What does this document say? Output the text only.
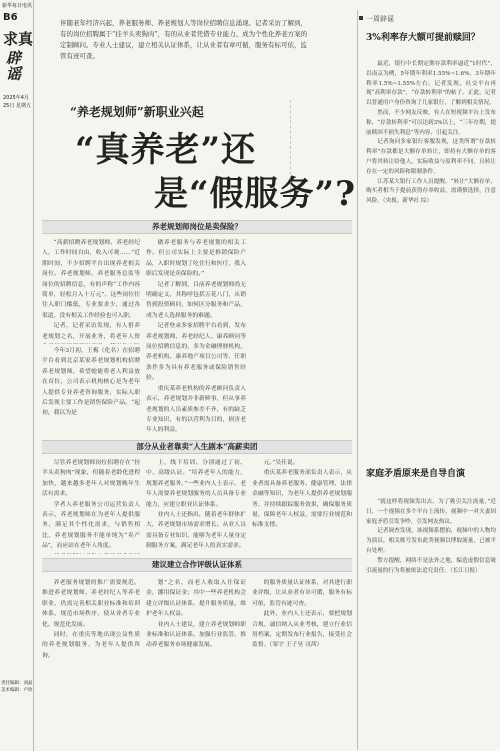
新华每日电讯
B6
求真
辟谣
2025年4月25日 星期五
责任编辑：刘晶 美术编辑：卢欣
伴随老年经济兴起，养老服务师、养老规划人等岗位招聘信息涌现。记者采访了解到，有的岗位招聘属于“挂羊头卖狗肉”，有的从业者凭借专业能力、成为个性化养老方案的定制顾问。专业人士建议，建立相关认证体系，让从业者有章可循，服务有标可依，监管有迹可查。
“养老规划师”新职业兴起
“真养老”还
是“假服务”?
养老规划师岗位是卖保险？

“高薪招聘养老规划师、养老经纪人，工作时间自由，收入可观……”近期时间，不少招聘平台出现养老相关岗位。养老规划师、养老服务总监等岗位的招聘信息，有的声称“工作内容简单，轻松月入十万元”。这些岗位往往入职门槛低，专业要求少，通过各渠道，没有相关工作经验也可入职。

记者，记者采访发现，有人借养老规划之名，开展业务，将老年人资

今年3月初，王梅（化名）在招聘平台看到北京某家养老规划机构招聘养老规划师，希望她能将老人利益放在首位，公司表示机构核心是为老年人提供专业养老咨询服务，实际入职后发现主要工作是销售保险产品。“起初，我以为是

做养老服务与养老规划的相关工作。但公司实际上主要是推销保险产品，入职时规划了吃住行和医疗，我入职后发现是卖保险的。”

记者了解到，目前养老规划师尚无明确定义，其称呼包括五花八门，从销售到投资顾问，如何区分服务和产品，成为老人选择服务的难题。

记者登录多家招聘平台看到，发布养老规划师、养老经纪人、康养顾问等岗位招聘信息的，多为金融理财机构、养老机构、康养地产项目公司等，任职条件多为具有养老服务或保险销售经验。

重庆某养老机构的养老顾问负责人表示，养老规划并非新鲜事，但从事养老规划的人员素质参差不齐，有的缺乏专业知识，有的以营利为目的，损害老年人的利益。

部分从业者靠卖“人生剧本”高薪卖团

尽管养老规划师岗位招聘存在“挂羊头卖狗肉”现象，但随着老龄化进程加快，越来越多老年人对规划晚年生活有需求。

学者人养老服务公司运营负责人表示，养老规划师在为老年人提供服务，满足其个性化需求，与销售相比，养老规划服务不能单纯为“卖产品”，而应站在老年人角度。

上，线下培训、分别通过了初、中、高级认证。“培养老年人的能力，规划养老服务，”一些业内人士表示，老年人需要养老规划服务的人员具备专业能力，应建立职业认证体系。

业内人士还指出，随着老年群体扩大，养老规划市场需求增长。从业人员需具备专业知识，能够为老年人量身定制服务方案，满足老年人的真实需求。

元。”吴佳说。

重庆某养老服务部负责人表示，从业者需具备养老服务、健康管理、法律金融等知识，为老年人提供养老规划服务，并持续跟踪服务效果，确保服务质量，保障老年人权益，需要行业规范和标准支撑。

建议建立合作评级认证体系

养老服务规划的推广需要规范。推进养老规划师、养老经纪人等养老职业，仍需完善相关职业标准和培训体系，规范市场秩序，使从业者专业化、规范化发展。

同时，在重庆等地出现公益性质的养老规划服务，为老年人提供咨询。

划”之名，而老人收取入住保证金，挪用保证金；其中一些养老机构会建立评级认证体系，提升服务质量，维护老年人权益。

业内人士建议，建立养老规划师职业标准和认证体系，加强行业监管，推动养老服务市场健康发展。

的服务质量认证体系，对其进行职业评级，让从业者有章可循，服务有标可依，监管有迹可查。

此外，业内人士还表示，要把规划合规、诚信纳入从业考核，建立行业信用档案，定期发布行业报告，接受社会监督。（邹宇 王子昊 司茜）

一周辟谣
3%利率存大额可提前赎回？

最近，银行中长期定期存款利率逼近“1时代”，以南京为例，5年期年利率1.55%~1.6%，3年期年利率1.5%~1.55%左右。记者发现，社交平台再现“高利率存款”，“存款转利率”的帖子。正此，记者以普通用户身份咨询了几家银行，了解到相关情况。

然而，不少网友反映，有人在短视频平台上发布称，“存款转利率”可以达到3%以上，“三年存期，提前赎回不损失利息”等内容，引起关注。

记者询问多家银行客服发现，这类所谓“存款转利率”存款都是大额存单转让，即持有大额存单的客户将其转让给他人，实际收益与原利率不同，且转让存在一定的风险和限制条件。

江苏某大银行工作人员提醒，“转让”大额存单，购买者相当于提前获得存单收益，需谨慎选择，注意风险。（央视、新华社 综）

家庭矛盾原来是自导自演

“就这样将视频发出去，为了吸引关注流量。”近日，一个视频在多个平台上流传，视频中一对夫妻因家庭矛盾引发争吵，引发网友热议。

记者调查发现，该视频系摆拍，视频中的人物均为演员，相关账号发布此类视频以博取流量，已被平台处理。

警方提醒，网络不是法外之地，编造虚假信息吸引流量的行为将被依法追究责任。（长江日报）
